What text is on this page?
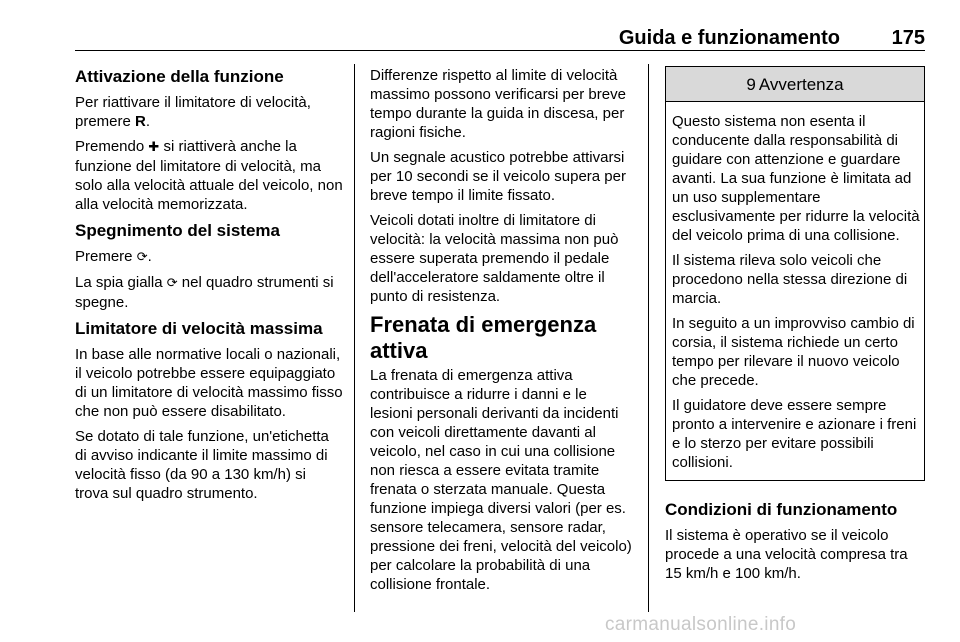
Guida e funzionamento	175
Attivazione della funzione

Per riattivare il limitatore di velocità, premere R.

Premendo ✚ si riattiverà anche la funzione del limitatore di velocità, ma solo alla velocità attuale del veicolo, non alla velocità memorizzata.

Spegnimento del sistema

Premere ⟳.

La spia gialla ⟳ nel quadro strumenti si spegne.

Limitatore di velocità massima

In base alle normative locali o nazionali, il veicolo potrebbe essere equipaggiato di un limitatore di velocità massimo fisso che non può essere disabilitato.

Se dotato di tale funzione, un'etichetta di avviso indicante il limite massimo di velocità fisso (da 90 a 130 km/h) si trova sul quadro strumento.

Differenze rispetto al limite di velocità massimo possono verificarsi per breve tempo durante la guida in discesa, per ragioni fisiche.

Un segnale acustico potrebbe attivarsi per 10 secondi se il veicolo supera per breve tempo il limite fissato.

Veicoli dotati inoltre di limitatore di velocità: la velocità massima non può essere superata premendo il pedale dell'acceleratore saldamente oltre il punto di resistenza.

Frenata di emergenza attiva

La frenata di emergenza attiva contribuisce a ridurre i danni e le lesioni personali derivanti da incidenti con veicoli direttamente davanti al veicolo, nel caso in cui una collisione non riesca a essere evitata tramite frenata o sterzata manuale. Questa funzione impiega diversi valori (per es. sensore telecamera, sensore radar, pressione dei freni, velocità del veicolo) per calcolare la probabilità di una collisione frontale.

9 Avvertenza

Questo sistema non esenta il conducente dalla responsabilità di guidare con attenzione e guardare avanti. La sua funzione è limitata ad un uso supplementare esclusivamente per ridurre la velocità del veicolo prima di una collisione.

Il sistema rileva solo veicoli che procedono nella stessa direzione di marcia.

In seguito a un improvviso cambio di corsia, il sistema richiede un certo tempo per rilevare il nuovo veicolo che precede.

Il guidatore deve essere sempre pronto a intervenire e azionare i freni e lo sterzo per evitare possibili collisioni.

Condizioni di funzionamento

Il sistema è operativo se il veicolo procede a una velocità compresa tra 15 km/h e 100 km/h.

carmanualsonline.info
